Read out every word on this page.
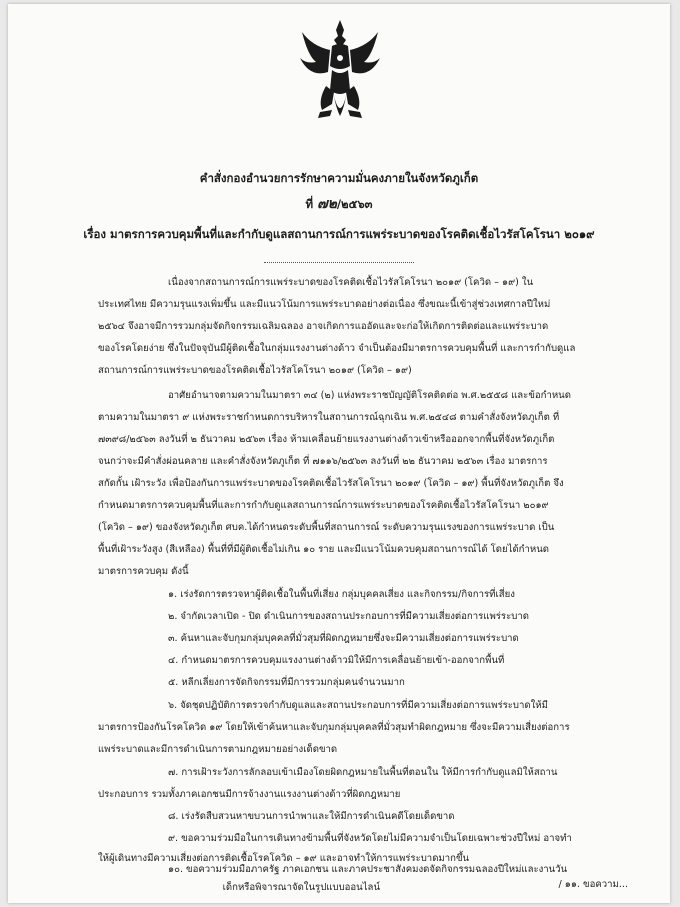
คำสั่งกองอำนวยการรักษาความมั่นคงภายในจังหวัดภูเก็ต
ที่ ๗๒/๒๕๖๓
เรื่อง มาตรการควบคุมพื้นที่และกำกับดูแลสถานการณ์การแพร่ระบาดของโรคติดเชื้อไวรัสโคโรนา ๒๐๑๙
เนื่องจากสถานการณ์การแพร่ระบาดของโรคติดเชื้อไวรัสโคโรนา ๒๐๑๙ (โควิด – ๑๙) ใน
ประเทศไทย มีความรุนแรงเพิ่มขึ้น และมีแนวโน้มการแพร่ระบาดอย่างต่อเนื่อง ซึ่งขณะนี้เข้าสู่ช่วงเทศกาลปีใหม่
๒๕๖๔ จึงอาจมีการรวมกลุ่มจัดกิจกรรมเฉลิมฉลอง อาจเกิดการแออัดและจะก่อให้เกิดการติดต่อและแพร่ระบาด
ของโรคโดยง่าย ซึ่งในปัจจุบันมีผู้ติดเชื้อในกลุ่มแรงงานต่างด้าว จำเป็นต้องมีมาตรการควบคุมพื้นที่ และการกำกับดูแล
สถานการณ์การแพร่ระบาดของโรคติดเชื้อไวรัสโคโรนา ๒๐๑๙ (โควิด – ๑๙)
อาศัยอำนาจตามความในมาตรา ๓๔ (๒) แห่งพระราชบัญญัติโรคติดต่อ พ.ศ.๒๕๕๘ และข้อกำหนด
ตามความในมาตรา ๙ แห่งพระราชกำหนดการบริหารในสถานการณ์ฉุกเฉิน พ.ศ.๒๕๔๘ ตามคำสั่งจังหวัดภูเก็ต ที่
๗๓๙๘/๒๕๖๓ ลงวันที่ ๒ ธันวาคม ๒๕๖๓ เรื่อง ห้ามเคลื่อนย้ายแรงงานต่างด้าวเข้าหรือออกจากพื้นที่จังหวัดภูเก็ต
จนกว่าจะมีคำสั่งผ่อนคลาย และคำสั่งจังหวัดภูเก็ต ที่ ๗๑๑๖/๒๕๖๓ ลงวันที่ ๒๒ ธันวาคม ๒๕๖๓ เรื่อง มาตรการ
สกัดกั้น เฝ้าระวัง เพื่อป้องกันการแพร่ระบาดของโรคติดเชื้อไวรัสโคโรนา ๒๐๑๙ (โควิด – ๑๙) พื้นที่จังหวัดภูเก็ต จึง
กำหนดมาตรการควบคุมพื้นที่และการกำกับดูแลสถานการณ์การแพร่ระบาดของโรคติดเชื้อไวรัสโคโรนา ๒๐๑๙
(โควิด – ๑๙) ของจังหวัดภูเก็ต ศบค.ได้กำหนดระดับพื้นที่สถานการณ์ ระดับความรุนแรงของการแพร่ระบาด เป็น
พื้นที่เฝ้าระวังสูง (สีเหลือง) พื้นที่ที่มีผู้ติดเชื้อไม่เกิน ๑๐ ราย และมีแนวโน้มควบคุมสถานการณ์ได้ โดยได้กำหนด
มาตรการควบคุม ดังนี้
๑. เร่งรัดการตรวจหาผู้ติดเชื้อในพื้นที่เสี่ยง กลุ่มบุคคลเสี่ยง และกิจกรรม/กิจการที่เสี่ยง
๒. จำกัดเวลาเปิด - ปิด ดำเนินการของสถานประกอบการที่มีความเสี่ยงต่อการแพร่ระบาด
๓. ค้นหาและจับกุมกลุ่มบุคคลที่มั่วสุมที่ผิดกฎหมายซึ่งจะมีความเสี่ยงต่อการแพร่ระบาด
๔. กำหนดมาตรการควบคุมแรงงานต่างด้าวมิให้มีการเคลื่อนย้ายเข้า-ออกจากพื้นที่
๕. หลีกเลี่ยงการจัดกิจกรรมที่มีการรวมกลุ่มคนจำนวนมาก
๖. จัดชุดปฏิบัติการตรวจกำกับดูแลและสถานประกอบการที่มีความเสี่ยงต่อการแพร่ระบาดให้มี
มาตรการป้องกันโรคโควิด ๑๙ โดยให้เข้าค้นหาและจับกุมกลุ่มบุคคลที่มั่วสุมทำผิดกฎหมาย ซึ่งจะมีความเสี่ยงต่อการ
แพร่ระบาดและมีการดำเนินการตามกฎหมายอย่างเด็ดขาด
๗. การเฝ้าระวังการลักลอบเข้าเมืองโดยผิดกฎหมายในพื้นที่ตอนใน ให้มีการกำกับดูแลมิให้สถาน
ประกอบการ รวมทั้งภาคเอกชนมีการจ้างงานแรงงานต่างด้าวที่ผิดกฎหมาย
๘. เร่งรัดสืบสวนหาขบวนการนำพาและให้มีการดำเนินคดีโดยเด็ดขาด
๙. ขอความร่วมมือในการเดินทางข้ามพื้นที่จังหวัดโดยไม่มีความจำเป็นโดยเฉพาะช่วงปีใหม่ อาจทำ
ให้ผู้เดินทางมีความเสี่ยงต่อการติดเชื้อโรคโควิด – ๑๙ และอาจทำให้การแพร่ระบาดมากขึ้น
๑๐. ขอความร่วมมือภาครัฐ ภาคเอกชน และภาคประชาสังคมงดจัดกิจกรรมฉลองปีใหม่และงานวัน
เด็กหรือพิจารณาจัดในรูปแบบออนไลน์	/ ๑๑. ขอความ...
